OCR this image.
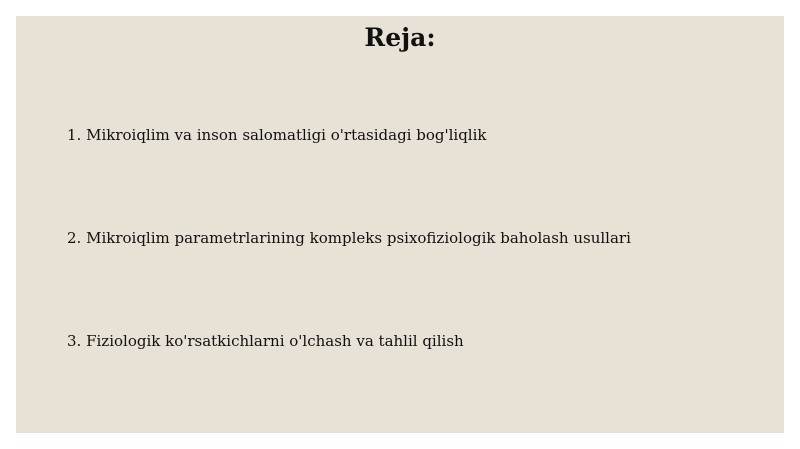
Reja:
1. Mikroiqlim va inson salomatligi o'rtasidagi bog'liqlik
2. Mikroiqlim parametrlarining kompleks psixofiziologik baholash usullari
3. Fiziologik ko'rsatkichlarni o'lchash va tahlil qilish
